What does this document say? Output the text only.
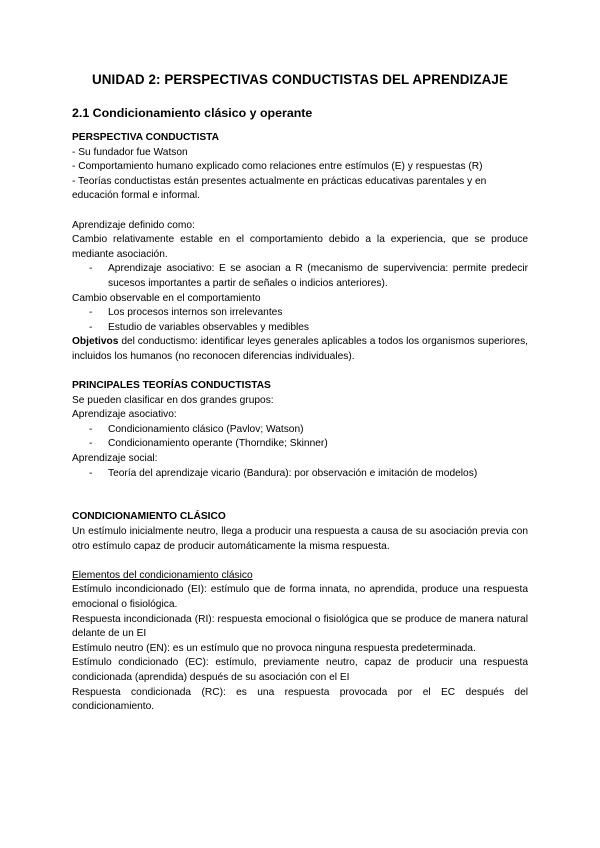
UNIDAD 2: PERSPECTIVAS CONDUCTISTAS DEL APRENDIZAJE
2.1 Condicionamiento clásico y operante

PERSPECTIVA CONDUCTISTA

- Su fundador fue Watson

- Comportamiento humano explicado como relaciones entre estímulos (E) y respuestas (R)

- Teorías conductistas están presentes actualmente en prácticas educativas parentales y en educación formal e informal.

Aprendizaje definido como:

Cambio relativamente estable en el comportamiento debido a la experiencia, que se produce mediante asociación.

- Aprendizaje asociativo: E se asocian a R (mecanismo de supervivencia: permite predecir sucesos importantes a partir de señales o indicios anteriores).

Cambio observable en el comportamiento

- Los procesos internos son irrelevantes
- Estudio de variables observables y medibles

Objetivos del conductismo: identificar leyes generales aplicables a todos los organismos superiores, incluidos los humanos (no reconocen diferencias individuales).

PRINCIPALES TEORÍAS CONDUCTISTAS

Se pueden clasificar en dos grandes grupos:

Aprendizaje asociativo:

- Condicionamiento clásico (Pavlov; Watson)
- Condicionamiento operante (Thorndike; Skinner)

Aprendizaje social:

- Teoría del aprendizaje vicario (Bandura): por observación e imitación de modelos)

CONDICIONAMIENTO CLÁSICO

Un estímulo inicialmente neutro, llega a producir una respuesta a causa de su asociación previa con otro estímulo capaz de producir automáticamente la misma respuesta.

Elementos del condicionamiento clásico

Estímulo incondicionado (EI): estímulo que de forma innata, no aprendida, produce una respuesta emocional o fisiológica.

Respuesta incondicionada (RI): respuesta emocional o fisiológica que se produce de manera natural delante de un EI

Estímulo neutro (EN): es un estímulo que no provoca ninguna respuesta predeterminada.

Estímulo condicionado (EC): estímulo, previamente neutro, capaz de producir una respuesta condicionada (aprendida) después de su asociación con el EI

Respuesta condicionada (RC): es una respuesta provocada por el EC después del condicionamiento.
